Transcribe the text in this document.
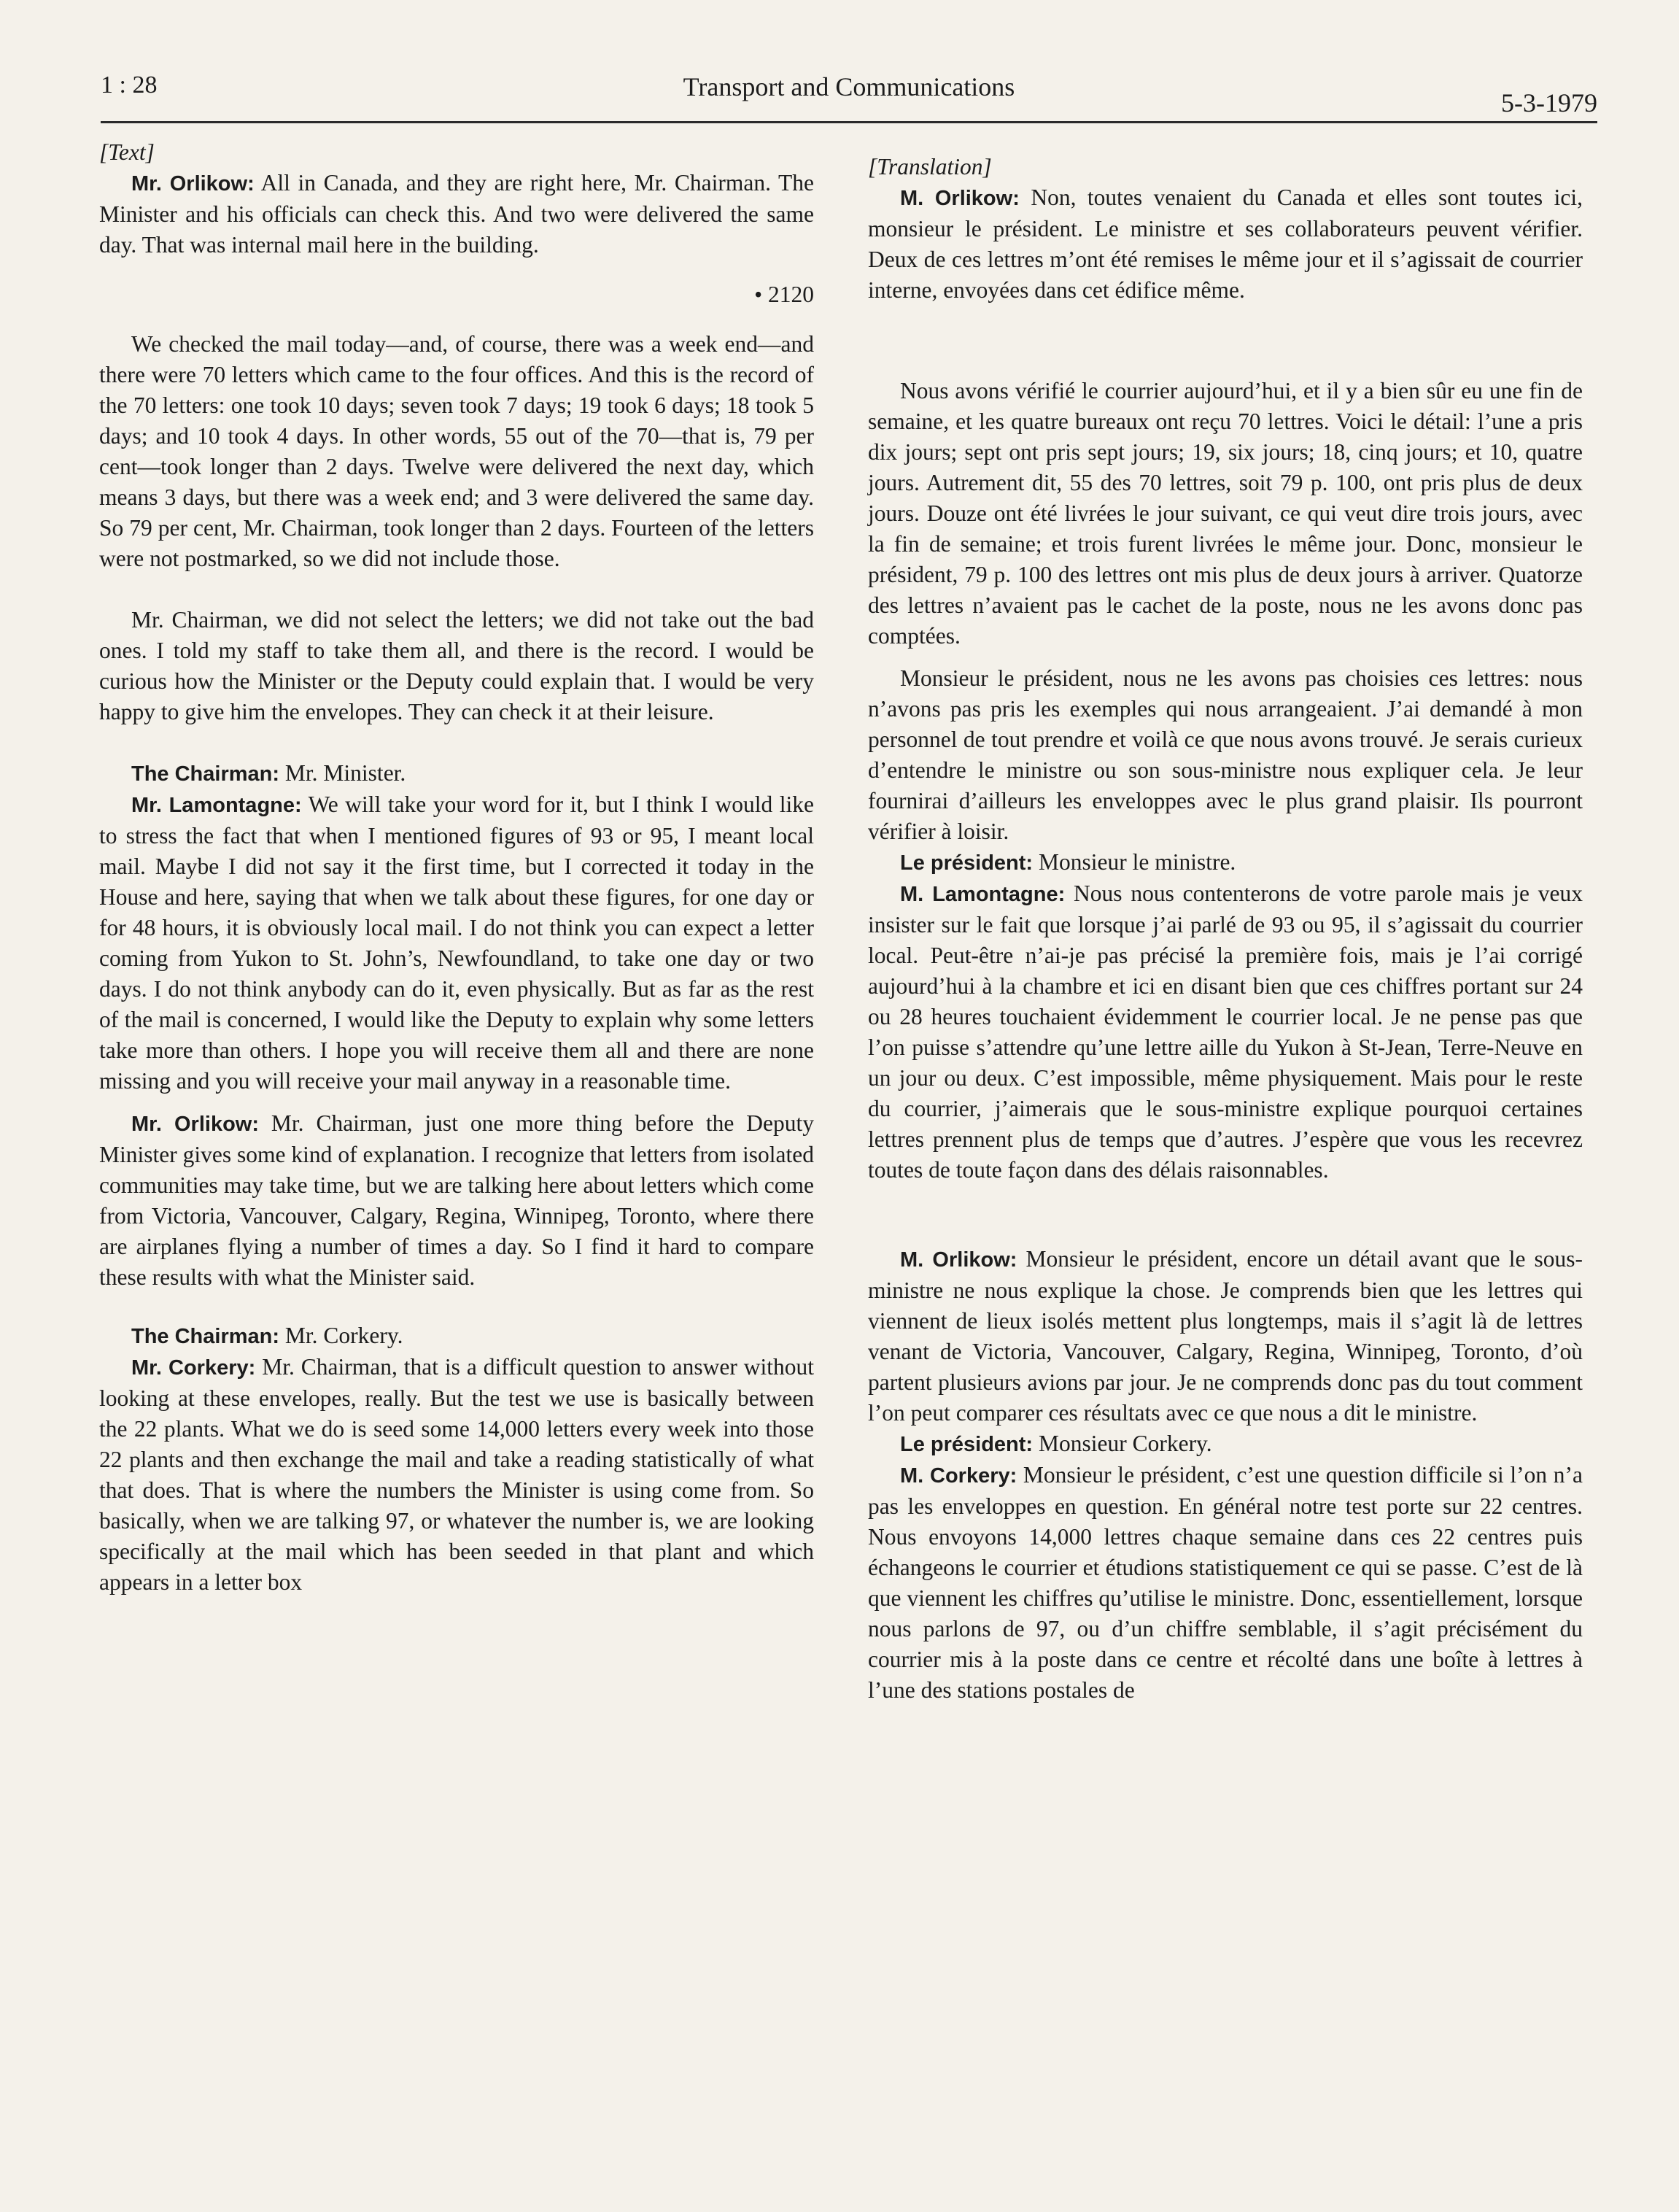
1 : 28	Transport and Communications
5-3-1979

[Text]

Mr. Orlikow: All in Canada, and they are right here, Mr. Chairman. The Minister and his officials can check this. And two were delivered the same day. That was internal mail here in the building.

• 2120

We checked the mail today—and, of course, there was a week end—and there were 70 letters which came to the four offices. And this is the record of the 70 letters: one took 10 days; seven took 7 days; 19 took 6 days; 18 took 5 days; and 10 took 4 days. In other words, 55 out of the 70—that is, 79 per cent—took longer than 2 days. Twelve were delivered the next day, which means 3 days, but there was a week end; and 3 were delivered the same day. So 79 per cent, Mr. Chairman, took longer than 2 days. Fourteen of the letters were not postmarked, so we did not include those.

Mr. Chairman, we did not select the letters; we did not take out the bad ones. I told my staff to take them all, and there is the record. I would be curious how the Minister or the Deputy could explain that. I would be very happy to give him the envelopes. They can check it at their leisure.

The Chairman: Mr. Minister.

Mr. Lamontagne: We will take your word for it, but I think I would like to stress the fact that when I mentioned figures of 93 or 95, I meant local mail. Maybe I did not say it the first time, but I corrected it today in the House and here, saying that when we talk about these figures, for one day or for 48 hours, it is obviously local mail. I do not think you can expect a letter coming from Yukon to St. John’s, Newfoundland, to take one day or two days. I do not think anybody can do it, even physically. But as far as the rest of the mail is concerned, I would like the Deputy to explain why some letters take more than others. I hope you will receive them all and there are none missing and you will receive your mail anyway in a reasonable time.

Mr. Orlikow: Mr. Chairman, just one more thing before the Deputy Minister gives some kind of explanation. I recognize that letters from isolated communities may take time, but we are talking here about letters which come from Victoria, Vancouver, Calgary, Regina, Winnipeg, Toronto, where there are airplanes flying a number of times a day. So I find it hard to compare these results with what the Minister said.

The Chairman: Mr. Corkery.

Mr. Corkery: Mr. Chairman, that is a difficult question to answer without looking at these envelopes, really. But the test we use is basically between the 22 plants. What we do is seed some 14,000 letters every week into those 22 plants and then exchange the mail and take a reading statistically of what that does. That is where the numbers the Minister is using come from. So basically, when we are talking 97, or whatever the number is, we are looking specifically at the mail which has been seeded in that plant and which appears in a letter box

[Translation]

M. Orlikow: Non, toutes venaient du Canada et elles sont toutes ici, monsieur le président. Le ministre et ses collaborateurs peuvent vérifier. Deux de ces lettres m’ont été remises le même jour et il s’agissait de courrier interne, envoyées dans cet édifice même.

Nous avons vérifié le courrier aujourd’hui, et il y a bien sûr eu une fin de semaine, et les quatre bureaux ont reçu 70 lettres. Voici le détail: l’une a pris dix jours; sept ont pris sept jours; 19, six jours; 18, cinq jours; et 10, quatre jours. Autrement dit, 55 des 70 lettres, soit 79 p. 100, ont pris plus de deux jours. Douze ont été livrées le jour suivant, ce qui veut dire trois jours, avec la fin de semaine; et trois furent livrées le même jour. Donc, monsieur le président, 79 p. 100 des lettres ont mis plus de deux jours à arriver. Quatorze des lettres n’avaient pas le cachet de la poste, nous ne les avons donc pas comptées.

Monsieur le président, nous ne les avons pas choisies ces lettres: nous n’avons pas pris les exemples qui nous arrangeaient. J’ai demandé à mon personnel de tout prendre et voilà ce que nous avons trouvé. Je serais curieux d’entendre le ministre ou son sous-ministre nous expliquer cela. Je leur fournirai d’ailleurs les enveloppes avec le plus grand plaisir. Ils pourront vérifier à loisir.

Le président: Monsieur le ministre.

M. Lamontagne: Nous nous contenterons de votre parole mais je veux insister sur le fait que lorsque j’ai parlé de 93 ou 95, il s’agissait du courrier local. Peut-être n’ai-je pas précisé la première fois, mais je l’ai corrigé aujourd’hui à la chambre et ici en disant bien que ces chiffres portant sur 24 ou 28 heures touchaient évidemment le courrier local. Je ne pense pas que l’on puisse s’attendre qu’une lettre aille du Yukon à St-Jean, Terre-Neuve en un jour ou deux. C’est impossible, même physiquement. Mais pour le reste du courrier, j’aimerais que le sous-ministre explique pourquoi certaines lettres prennent plus de temps que d’autres. J’espère que vous les recevrez toutes de toute façon dans des délais raisonnables.

M. Orlikow: Monsieur le président, encore un détail avant que le sous-ministre ne nous explique la chose. Je comprends bien que les lettres qui viennent de lieux isolés mettent plus longtemps, mais il s’agit là de lettres venant de Victoria, Vancouver, Calgary, Regina, Winnipeg, Toronto, d’où partent plusieurs avions par jour. Je ne comprends donc pas du tout comment l’on peut comparer ces résultats avec ce que nous a dit le ministre.

Le président: Monsieur Corkery.

M. Corkery: Monsieur le président, c’est une question difficile si l’on n’a pas les enveloppes en question. En général notre test porte sur 22 centres. Nous envoyons 14,000 lettres chaque semaine dans ces 22 centres puis échangeons le courrier et étudions statistiquement ce qui se passe. C’est de là que viennent les chiffres qu’utilise le ministre. Donc, essentiellement, lorsque nous parlons de 97, ou d’un chiffre semblable, il s’agit précisément du courrier mis à la poste dans ce centre et récolté dans une boîte à lettres à l’une des stations postales de
